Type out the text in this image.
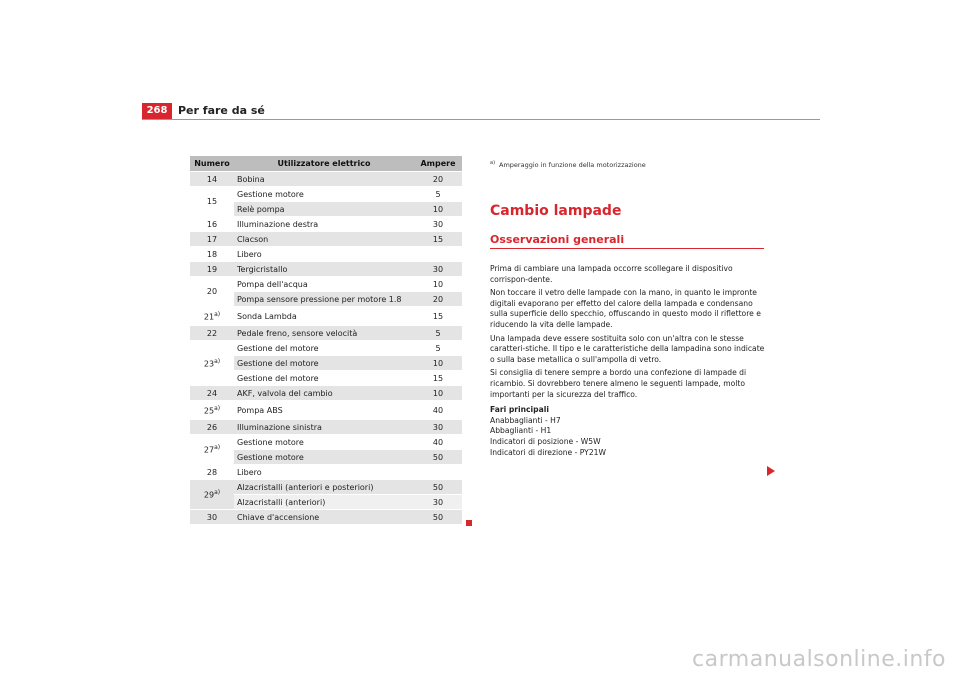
268 Per fare da sé
Numero	Utilizzatore elettrico	Ampere
14	Bobina	20
15	Gestione motore	5
	Relè pompa	10
16	Illuminazione destra	30
17	Clacson	15
18	Libero	
19	Tergicristallo	30
20	Pompa dell'acqua	10
	Pompa sensore pressione per motore 1.8	20
21$^{a)}$	Sonda Lambda	15
22	Pedale freno, sensore velocità	5
23$^{a)}$	Gestione del motore	5
	Gestione del motore	10
	Gestione del motore	15
24	AKF, valvola del cambio	10
25$^{a)}$	Pompa ABS	40
26	Illuminazione sinistra	30
27$^{a)}$	Gestione motore	40
	Gestione motore	50
28	Libero	
29$^{a)}$	Alzacristalli (anteriori e posteriori)	50
	Alzacristalli (anteriori)	30
30	Chiave d'accensione	50
$^{a)}$ Amperaggio in funzione della motorizzazione
Cambio lampade
Osservazioni generali

Prima di cambiare una lampada occorre scollegare il dispositivo corrispon-dente.

Non toccare il vetro delle lampade con la mano, in quanto le impronte digitali evaporano per effetto del calore della lampada e condensano sulla superficie dello specchio, offuscando in questo modo il riflettore e riducendo la vita delle lampade.

Una lampada deve essere sostituita solo con un'altra con le stesse caratteri-stiche. Il tipo e le caratteristiche della lampadina sono indicate o sulla base metallica o sull'ampolla di vetro.

Si consiglia di tenere sempre a bordo una confezione di lampade di ricambio. Si dovrebbero tenere almeno le seguenti lampade, molto importanti per la sicurezza del traffico.

Fari principali

Anabbaglianti - H7

Abbaglianti - H1

Indicatori di posizione - W5W

Indicatori di direzione - PY21W

carmanualsonline.info
